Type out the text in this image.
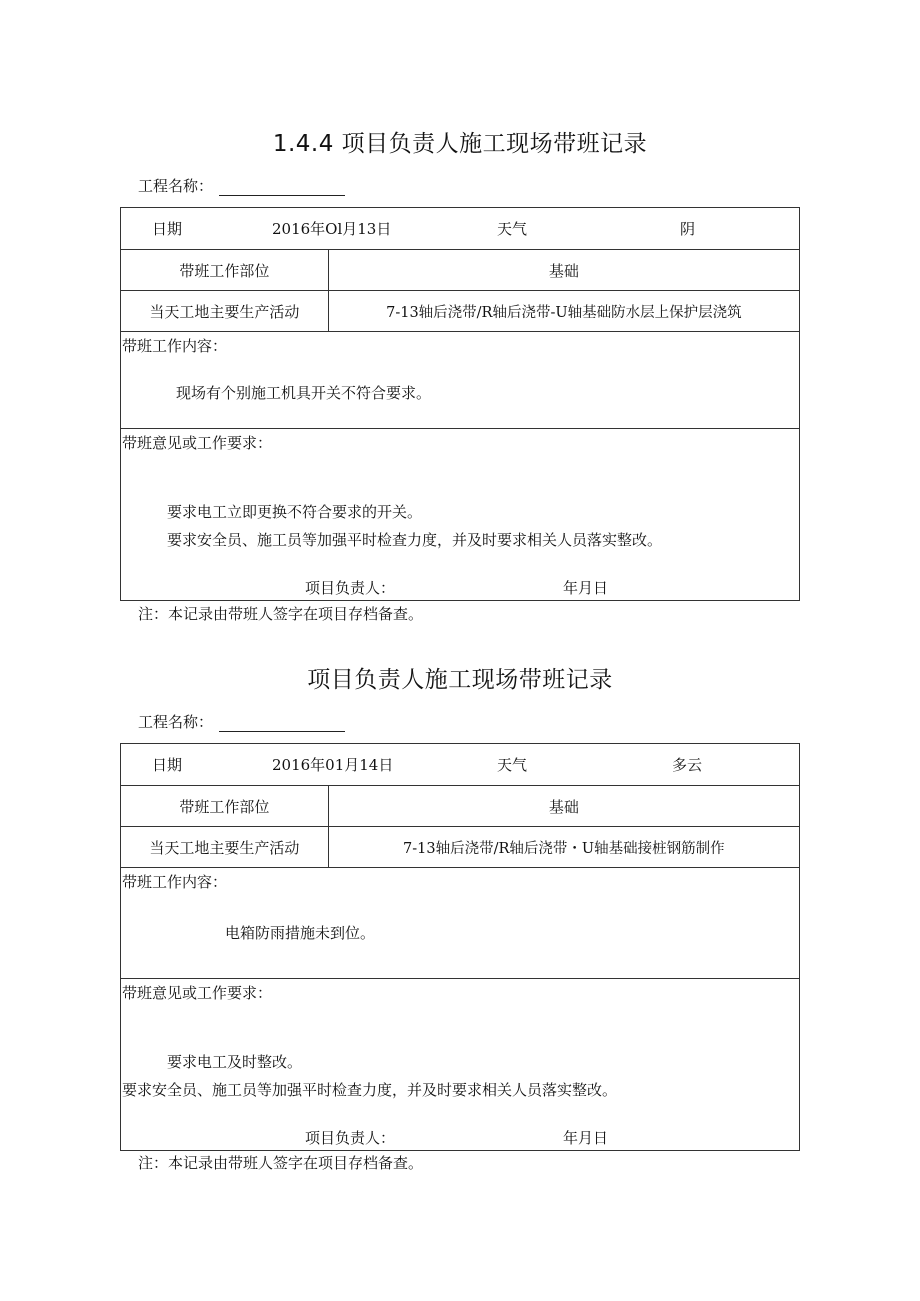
1.4.4 项目负责人施工现场带班记录
工程名称：
日期 2016年Ol月13日 天气 阴	

带班工作部位	基础
当天工地主要生产活动	7-13轴后浇带/R轴后浇带-U轴基础防水层上保护层浇筑

带班工作内容：
现场有个别施工机具开关不符合要求。	

带班意见或工作要求：
要求电工立即更换不符合要求的开关。
要求安全员、施工员等加强平时检查力度，并及时要求相关人员落实整改。
项目负责人： 年月日	
注：本记录由带班人签字在项目存档备查。
项目负责人施工现场带班记录
工程名称：
日期 2016年01月14日 天气 多云	

带班工作部位	基础
当天工地主要生产活动	7-13轴后浇带/R轴后浇带・U轴基础接桩钢筋制作

带班工作内容：
电箱防雨措施未到位。	

带班意见或工作要求：
要求电工及时整改。
要求安全员、施工员等加强平时检查力度，并及时要求相关人员落实整改。
项目负责人： 年月日	
注：本记录由带班人签字在项目存档备查。
